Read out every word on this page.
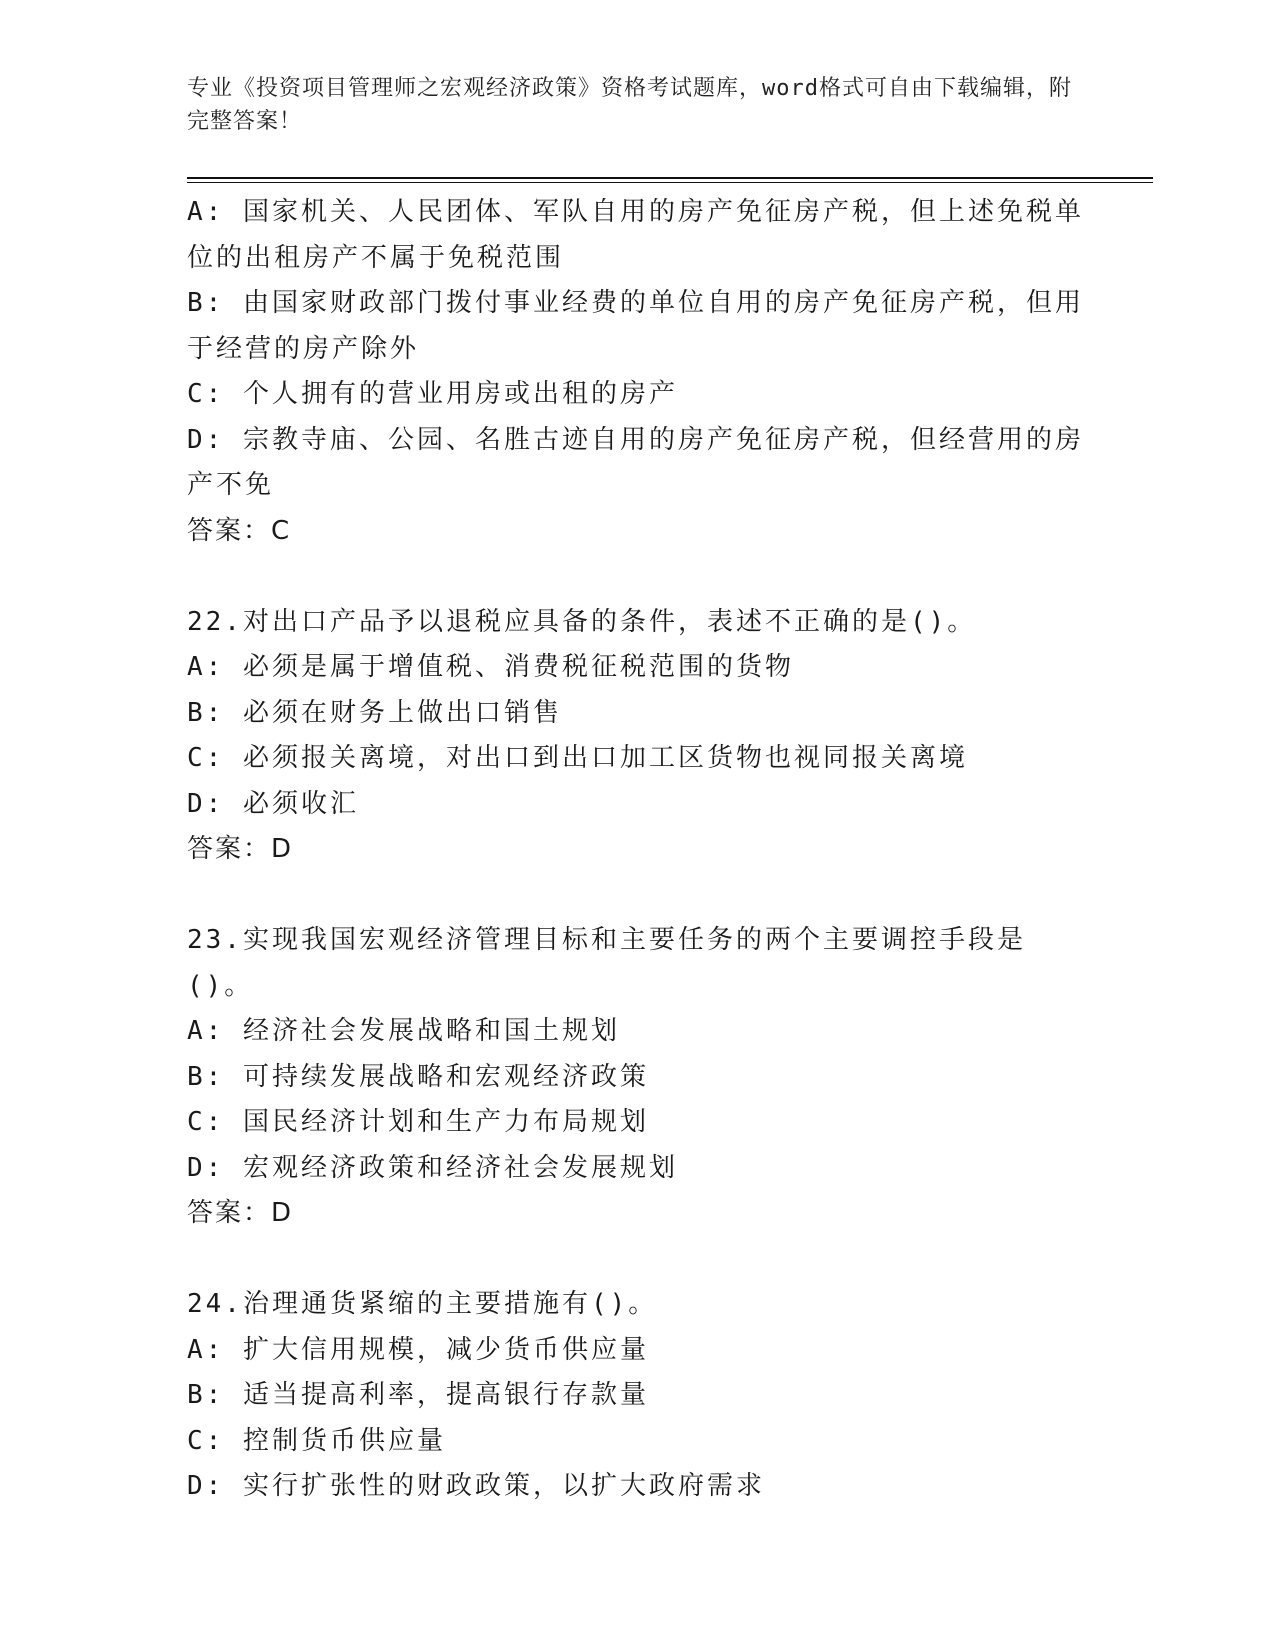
专业《投资项目管理师之宏观经济政策》资格考试题库，word格式可自由下载编辑，附完整答案！
A: 国家机关、人民团体、军队自用的房产免征房产税，但上述免税单位的出租房产不属于免税范围
B: 由国家财政部门拨付事业经费的单位自用的房产免征房产税，但用于经营的房产除外
C: 个人拥有的营业用房或出租的房产
D: 宗教寺庙、公园、名胜古迹自用的房产免征房产税，但经营用的房产不免
答案：C
22.对出口产品予以退税应具备的条件，表述不正确的是()。
A: 必须是属于增值税、消费税征税范围的货物
B: 必须在财务上做出口销售
C: 必须报关离境，对出口到出口加工区货物也视同报关离境
D: 必须收汇
答案：D
23.实现我国宏观经济管理目标和主要任务的两个主要调控手段是()。
A: 经济社会发展战略和国土规划
B: 可持续发展战略和宏观经济政策
C: 国民经济计划和生产力布局规划
D: 宏观经济政策和经济社会发展规划
答案：D
24.治理通货紧缩的主要措施有()。
A: 扩大信用规模，减少货币供应量
B: 适当提高利率，提高银行存款量
C: 控制货币供应量
D: 实行扩张性的财政政策，以扩大政府需求
